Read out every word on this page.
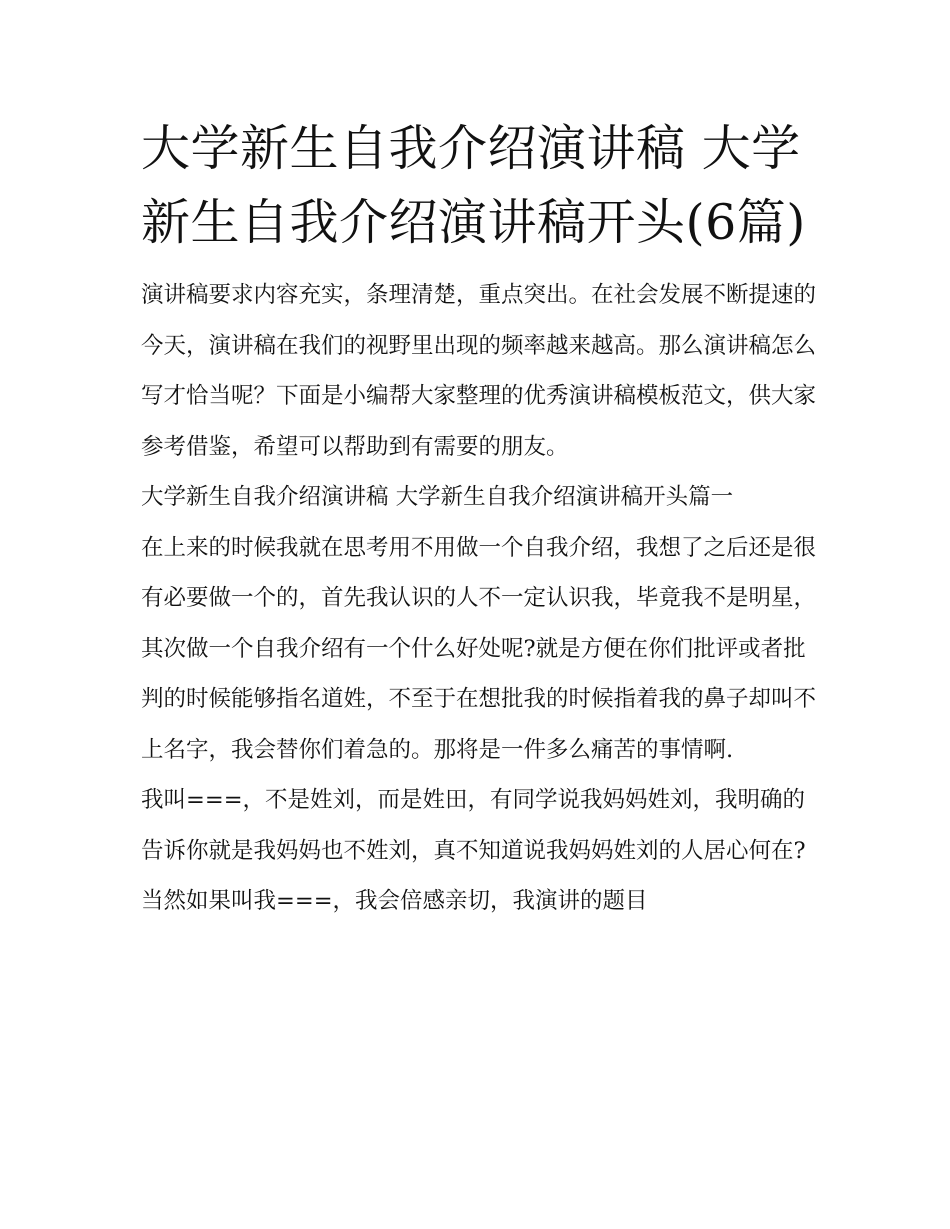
大学新生自我介绍演讲稿 大学新生自我介绍演讲稿开头(6篇)

演讲稿要求内容充实，条理清楚，重点突出。在社会发展不断提速的今天，演讲稿在我们的视野里出现的频率越来越高。那么演讲稿怎么写才恰当呢？下面是小编帮大家整理的优秀演讲稿模板范文，供大家参考借鉴，希望可以帮助到有需要的朋友。

大学新生自我介绍演讲稿 大学新生自我介绍演讲稿开头篇一

在上来的时候我就在思考用不用做一个自我介绍，我想了之后还是很有必要做一个的，首先我认识的人不一定认识我，毕竟我不是明星，其次做一个自我介绍有一个什么好处呢?就是方便在你们批评或者批判的时候能够指名道姓，不至于在想批我的时候指着我的鼻子却叫不上名字，我会替你们着急的。那将是一件多么痛苦的事情啊.

我叫===，不是姓刘，而是姓田，有同学说我妈妈姓刘，我明确的告诉你就是我妈妈也不姓刘，真不知道说我妈妈姓刘的人居心何在?当然如果叫我===，我会倍感亲切，我演讲的题目
